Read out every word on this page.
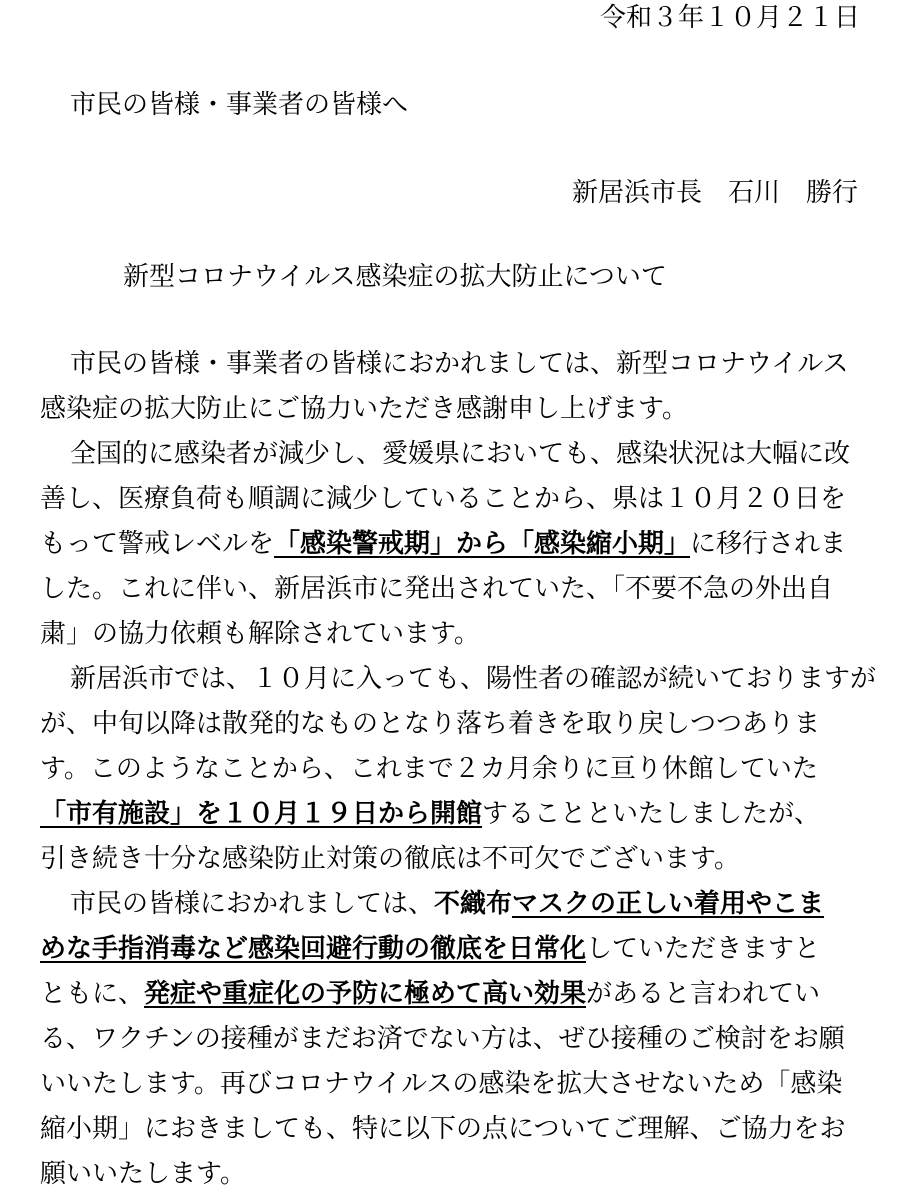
令和３年１０月２１日

市民の皆様・事業者の皆様へ

新居浜市長　石川　勝行

新型コロナウイルス感染症の拡大防止について

市民の皆様・事業者の皆様におかれましては、新型コロナウイルス

感染症の拡大防止にご協力いただき感謝申し上げます。

全国的に感染者が減少し、愛媛県においても、感染状況は大幅に改

善し、医療負荷も順調に減少していることから、県は１０月２０日を

もって警戒レベルを「感染警戒期」から「感染縮小期」に移行されま

した。これに伴い、新居浜市に発出されていた、「不要不急の外出自

粛」の協力依頼も解除されています。

新居浜市では、１０月に入っても、陽性者の確認が続いておりますが

が、中旬以降は散発的なものとなり落ち着きを取り戻しつつありま

す。このようなことから、これまで２カ月余りに亘り休館していた

「市有施設」を１０月１９日から開館することといたしましたが、

引き続き十分な感染防止対策の徹底は不可欠でございます。

市民の皆様におかれましては、不織布マスクの正しい着用やこま

めな手指消毒など感染回避行動の徹底を日常化していただきますと

ともに、発症や重症化の予防に極めて高い効果があると言われてい

る、ワクチンの接種がまだお済でない方は、ぜひ接種のご検討をお願

いいたします。再びコロナウイルスの感染を拡大させないため「感染

縮小期」におきましても、特に以下の点についてご理解、ご協力をお

願いいたします。
